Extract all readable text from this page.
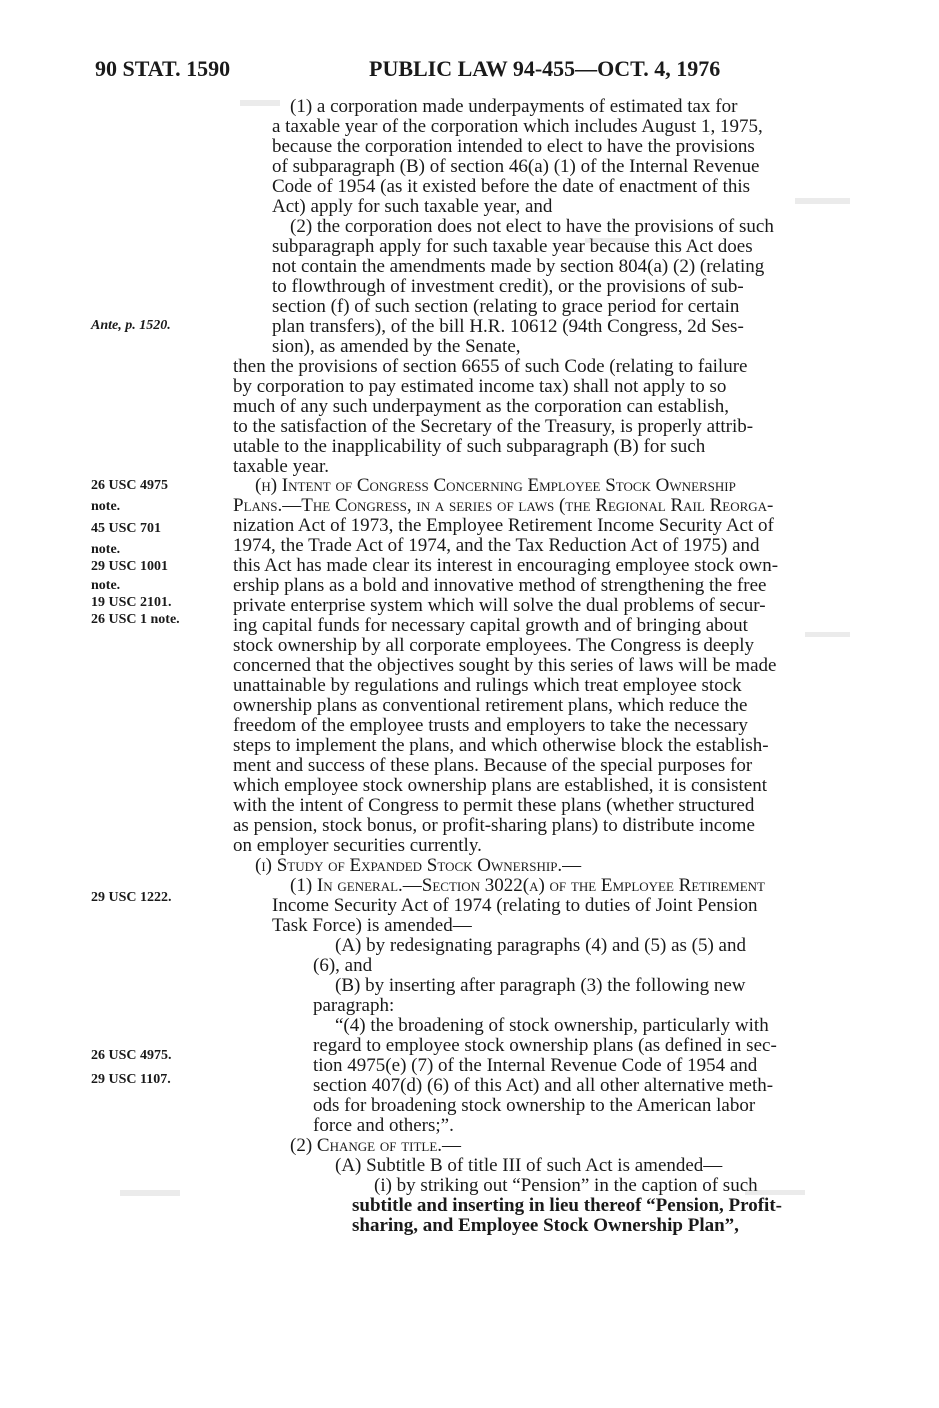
90 STAT. 1590	PUBLIC LAW 94-455—OCT. 4, 1976
Ante, p. 1520.
26 USC 4975
note.
45 USC 701
note.
29 USC 1001
note.
19 USC 2101.
26 USC 1 note.
29 USC 1222.
26 USC 4975.
29 USC 1107.
(1) a corporation made underpayments of estimated tax for
a taxable year of the corporation which includes August 1, 1975,
because the corporation intended to elect to have the provisions
of subparagraph (B) of section 46(a) (1) of the Internal Revenue
Code of 1954 (as it existed before the date of enactment of this
Act) apply for such taxable year, and
(2) the corporation does not elect to have the provisions of such
subparagraph apply for such taxable year because this Act does
not contain the amendments made by section 804(a) (2) (relating
to flowthrough of investment credit), or the provisions of sub-
section (f) of such section (relating to grace period for certain
plan transfers), of the bill H.R. 10612 (94th Congress, 2d Ses-
sion), as amended by the Senate,
then the provisions of section 6655 of such Code (relating to failure
by corporation to pay estimated income tax) shall not apply to so
much of any such underpayment as the corporation can establish,
to the satisfaction of the Secretary of the Treasury, is properly attrib-
utable to the inapplicability of such subparagraph (B) for such
taxable year.
(h) Intent of Congress Concerning Employee Stock Ownership
Plans.—The Congress, in a series of laws (the Regional Rail Reorga-
nization Act of 1973, the Employee Retirement Income Security Act of
1974, the Trade Act of 1974, and the Tax Reduction Act of 1975) and
this Act has made clear its interest in encouraging employee stock own-
ership plans as a bold and innovative method of strengthening the free
private enterprise system which will solve the dual problems of secur-
ing capital funds for necessary capital growth and of bringing about
stock ownership by all corporate employees. The Congress is deeply
concerned that the objectives sought by this series of laws will be made
unattainable by regulations and rulings which treat employee stock
ownership plans as conventional retirement plans, which reduce the
freedom of the employee trusts and employers to take the necessary
steps to implement the plans, and which otherwise block the establish-
ment and success of these plans. Because of the special purposes for
which employee stock ownership plans are established, it is consistent
with the intent of Congress to permit these plans (whether structured
as pension, stock bonus, or profit-sharing plans) to distribute income
on employer securities currently.
(i) Study of Expanded Stock Ownership.—
(1) In general.—Section 3022(a) of the Employee Retirement
Income Security Act of 1974 (relating to duties of Joint Pension
Task Force) is amended—
(A) by redesignating paragraphs (4) and (5) as (5) and
(6), and
(B) by inserting after paragraph (3) the following new
paragraph:
“(4) the broadening of stock ownership, particularly with
regard to employee stock ownership plans (as defined in sec-
tion 4975(e) (7) of the Internal Revenue Code of 1954 and
section 407(d) (6) of this Act) and all other alternative meth-
ods for broadening stock ownership to the American labor
force and others;”.
(2) Change of title.—
(A) Subtitle B of title III of such Act is amended—
(i) by striking out “Pension” in the caption of such
subtitle and inserting in lieu thereof “Pension, Profit-
sharing, and Employee Stock Ownership Plan”,
